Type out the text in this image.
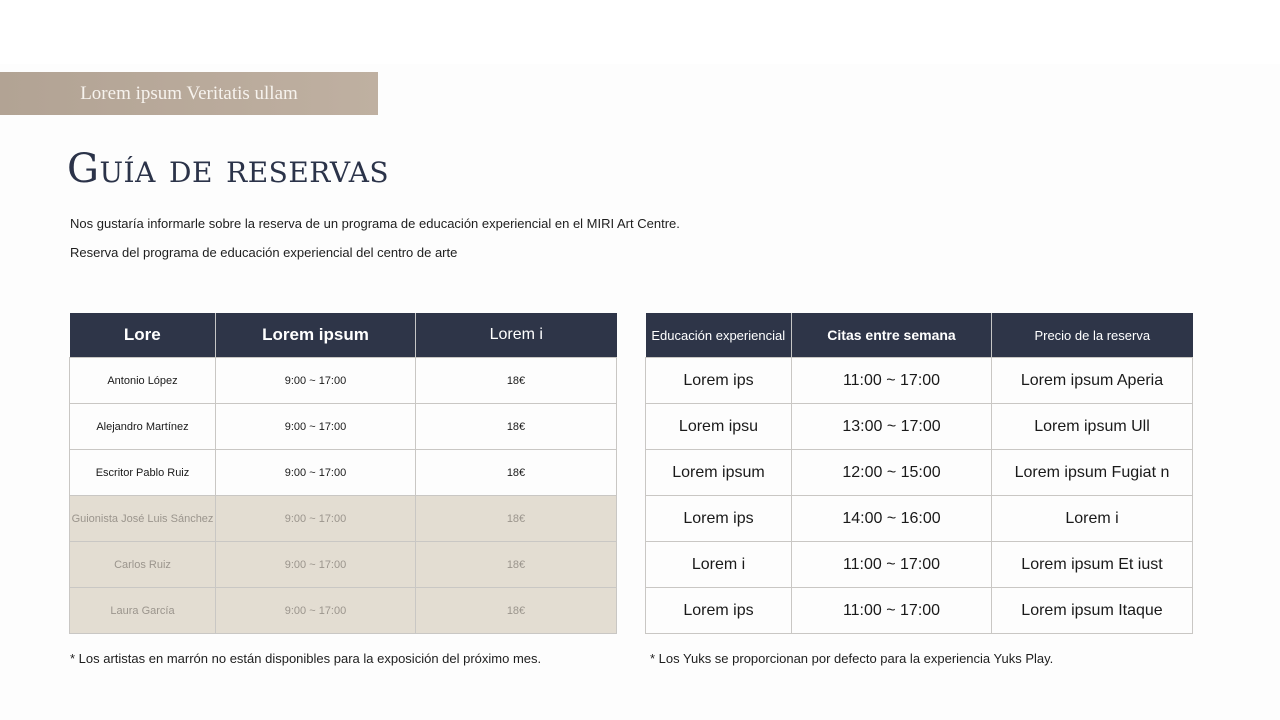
Lorem ipsum Veritatis ullam
Guía de reservas
Nos gustaría informarle sobre la reserva de un programa de educación experiencial en el MIRI Art Centre.
Reserva del programa de educación experiencial del centro de arte
Lore	Lorem ipsum	Lorem i
Antonio López	9:00 ~ 17:00	18€
Alejandro Martínez	9:00 ~ 17:00	18€
Escritor Pablo Ruiz	9:00 ~ 17:00	18€
Guionista José Luis Sánchez	9:00 ~ 17:00	18€
Carlos Ruiz	9:00 ~ 17:00	18€
Laura García	9:00 ~ 17:00	18€
Educación experiencial	Citas entre semana	Precio de la reserva
Lorem ips	11:00 ~ 17:00	Lorem ipsum Aperia
Lorem ipsu	13:00 ~ 17:00	Lorem ipsum Ull
Lorem ipsum	12:00 ~ 15:00	Lorem ipsum Fugiat n
Lorem ips	14:00 ~ 16:00	Lorem i
Lorem i	11:00 ~ 17:00	Lorem ipsum Et iust
Lorem ips	11:00 ~ 17:00	Lorem ipsum Itaque
* Los artistas en marrón no están disponibles para la exposición del próximo mes.	* Los Yuks se proporcionan por defecto para la experiencia Yuks Play.
